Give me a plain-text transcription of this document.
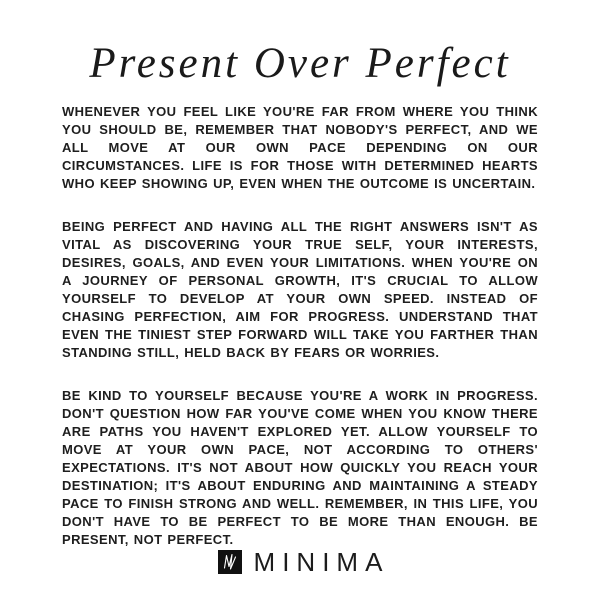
Present Over Perfect

WHENEVER YOU FEEL LIKE YOU'RE FAR FROM WHERE YOU THINK YOU SHOULD BE, REMEMBER THAT NOBODY'S PERFECT, AND WE ALL MOVE AT OUR OWN PACE DEPENDING ON OUR CIRCUMSTANCES. LIFE IS FOR THOSE WITH DETERMINED HEARTS WHO KEEP SHOWING UP, EVEN WHEN THE OUTCOME IS UNCERTAIN.

BEING PERFECT AND HAVING ALL THE RIGHT ANSWERS ISN'T AS VITAL AS DISCOVERING YOUR TRUE SELF, YOUR INTERESTS, DESIRES, GOALS, AND EVEN YOUR LIMITATIONS. WHEN YOU'RE ON A JOURNEY OF PERSONAL GROWTH, IT'S CRUCIAL TO ALLOW YOURSELF TO DEVELOP AT YOUR OWN SPEED. INSTEAD OF CHASING PERFECTION, AIM FOR PROGRESS. UNDERSTAND THAT EVEN THE TINIEST STEP FORWARD WILL TAKE YOU FARTHER THAN STANDING STILL, HELD BACK BY FEARS OR WORRIES.

BE KIND TO YOURSELF BECAUSE YOU'RE A WORK IN PROGRESS. DON'T QUESTION HOW FAR YOU'VE COME WHEN YOU KNOW THERE ARE PATHS YOU HAVEN'T EXPLORED YET. ALLOW YOURSELF TO MOVE AT YOUR OWN PACE, NOT ACCORDING TO OTHERS' EXPECTATIONS. IT'S NOT ABOUT HOW QUICKLY YOU REACH YOUR DESTINATION; IT'S ABOUT ENDURING AND MAINTAINING A STEADY PACE TO FINISH STRONG AND WELL. REMEMBER, IN THIS LIFE, YOU DON'T HAVE TO BE PERFECT TO BE MORE THAN ENOUGH. BE PRESENT, NOT PERFECT.

MINIMA
